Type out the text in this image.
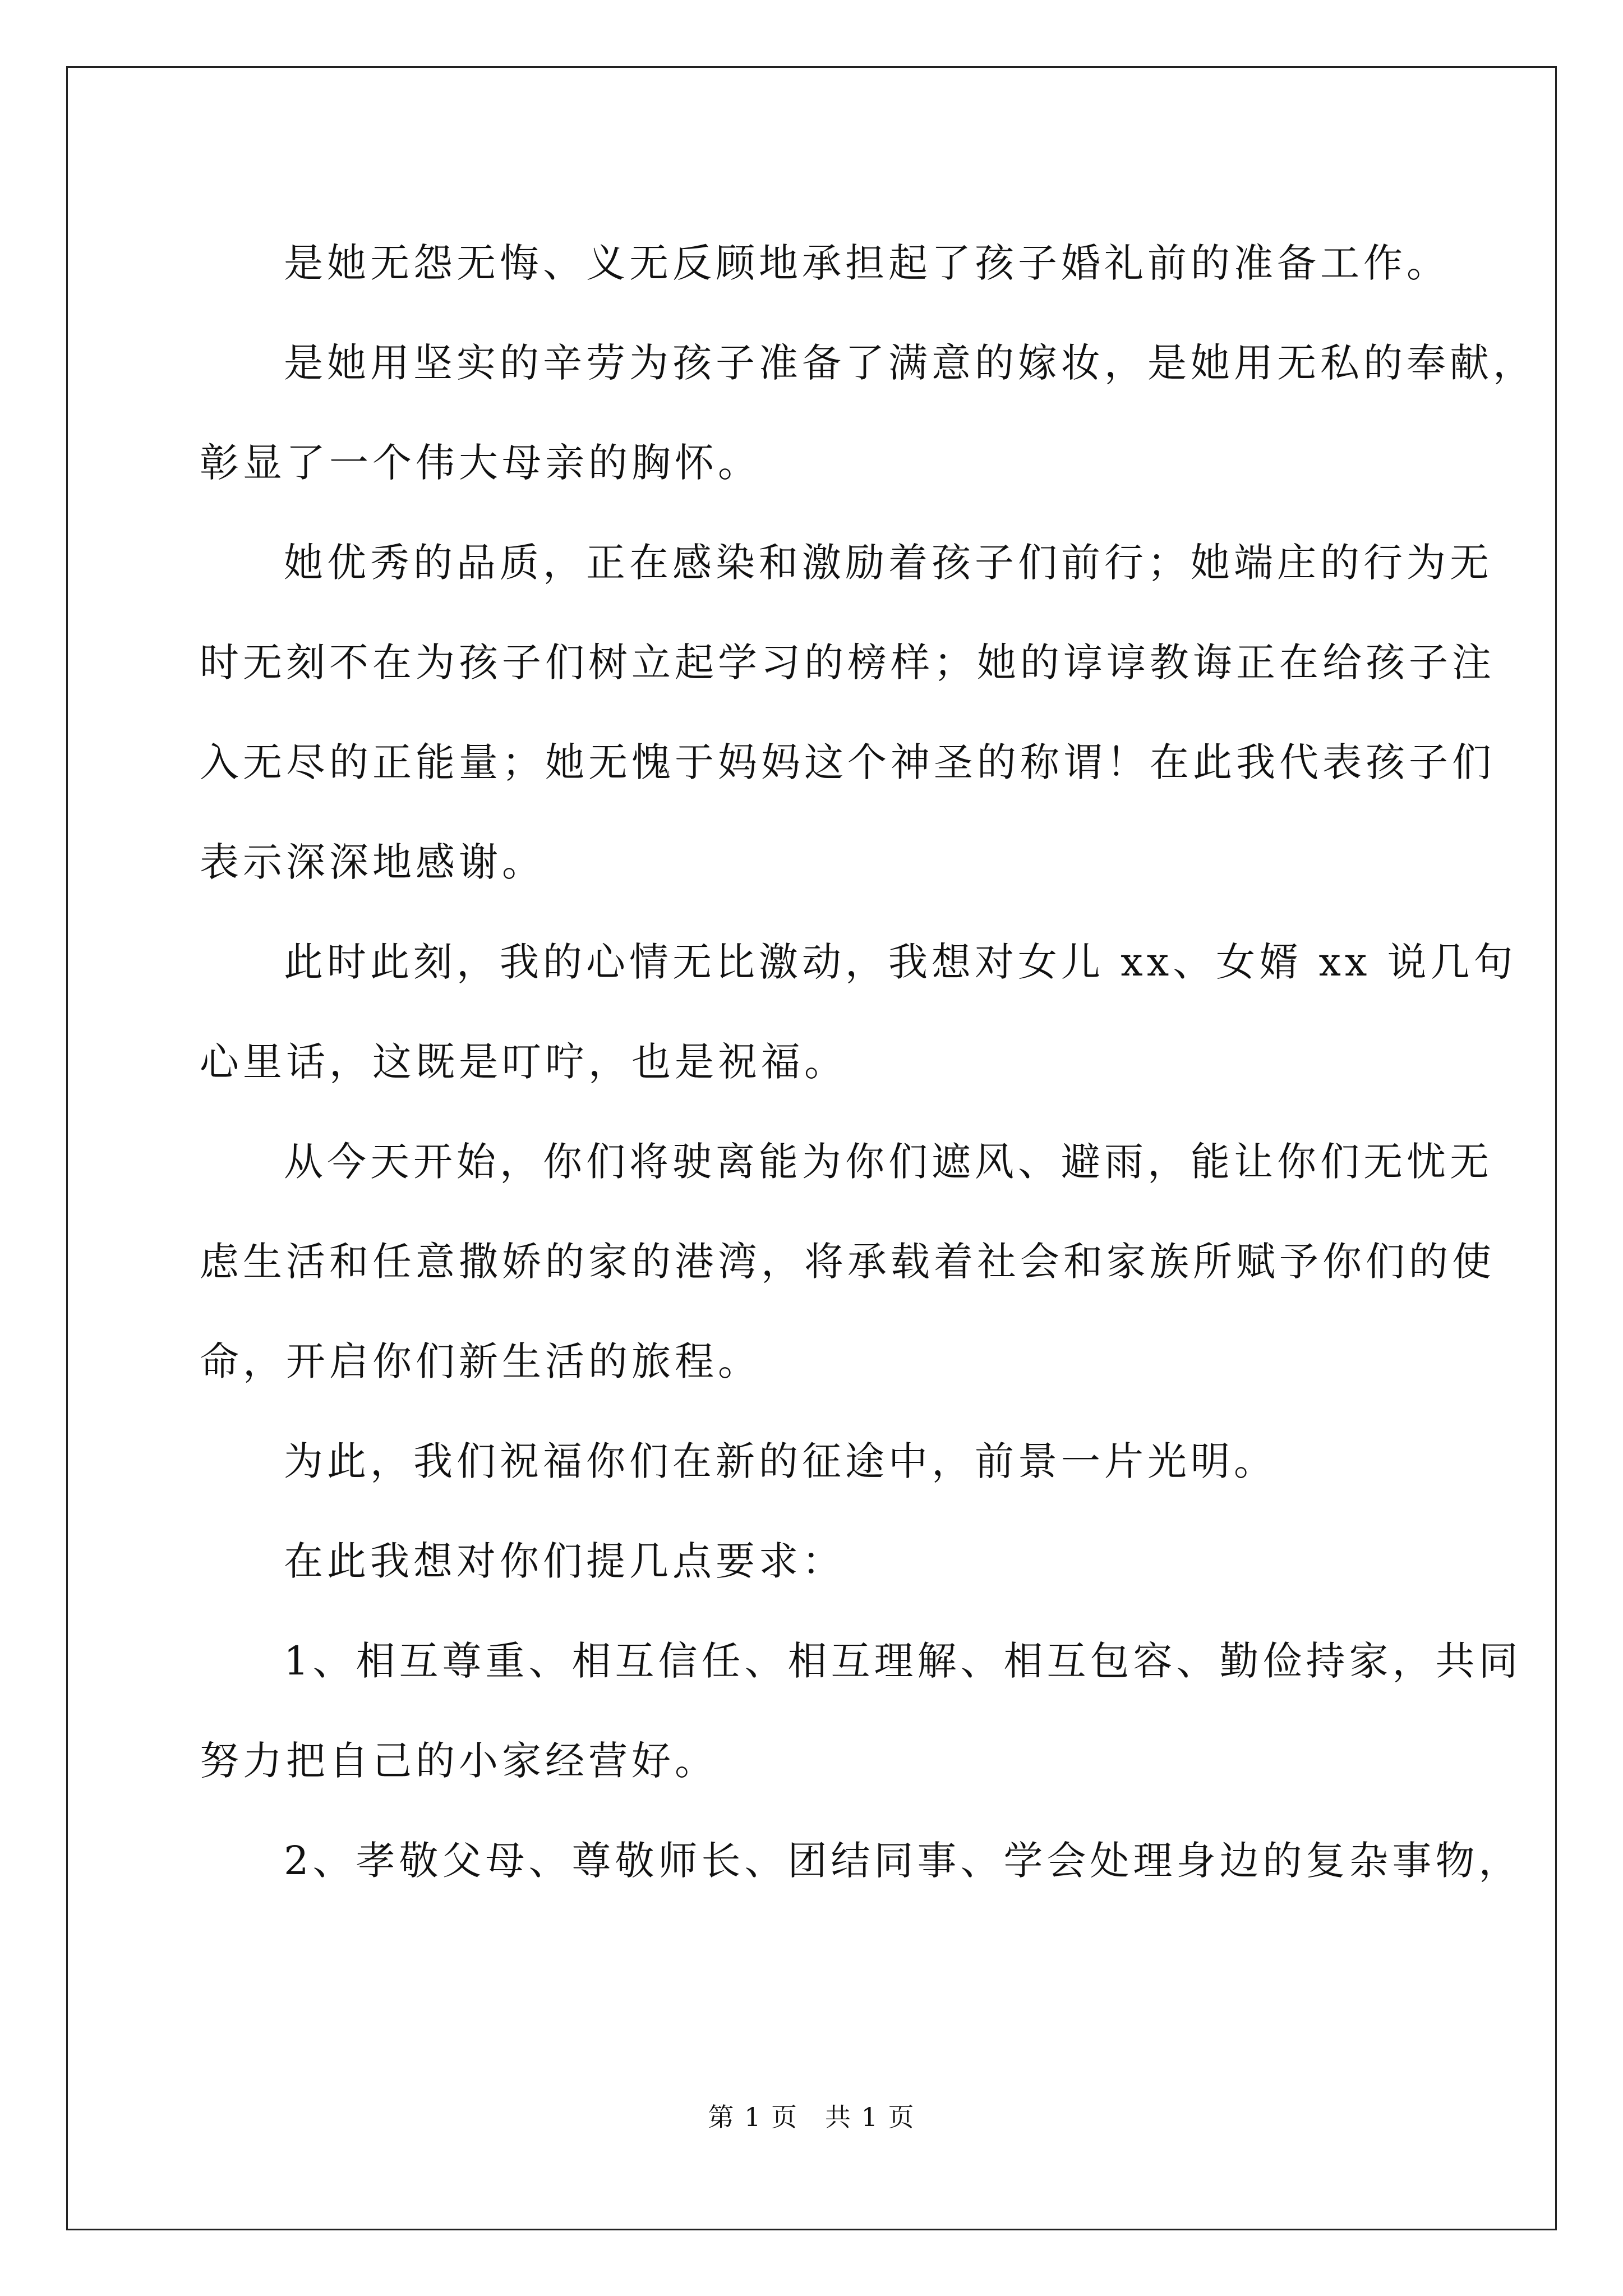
是她无怨无悔、义无反顾地承担起了孩子婚礼前的准备工作。
是她用坚实的辛劳为孩子准备了满意的嫁妆，是她用无私的奉献，
彰显了一个伟大母亲的胸怀。
她优秀的品质，正在感染和激励着孩子们前行；她端庄的行为无
时无刻不在为孩子们树立起学习的榜样；她的谆谆教诲正在给孩子注
入无尽的正能量；她无愧于妈妈这个神圣的称谓！在此我代表孩子们
表示深深地感谢。
此时此刻，我的心情无比激动，我想对女儿 xx、女婿 xx 说几句
心里话，这既是叮咛，也是祝福。
从今天开始，你们将驶离能为你们遮风、避雨，能让你们无忧无
虑生活和任意撒娇的家的港湾，将承载着社会和家族所赋予你们的使
命，开启你们新生活的旅程。
为此，我们祝福你们在新的征途中，前景一片光明。
在此我想对你们提几点要求：
1、相互尊重、相互信任、相互理解、相互包容、勤俭持家，共同
努力把自己的小家经营好。
2、孝敬父母、尊敬师长、团结同事、学会处理身边的复杂事物，
第 1 页　共 1 页
